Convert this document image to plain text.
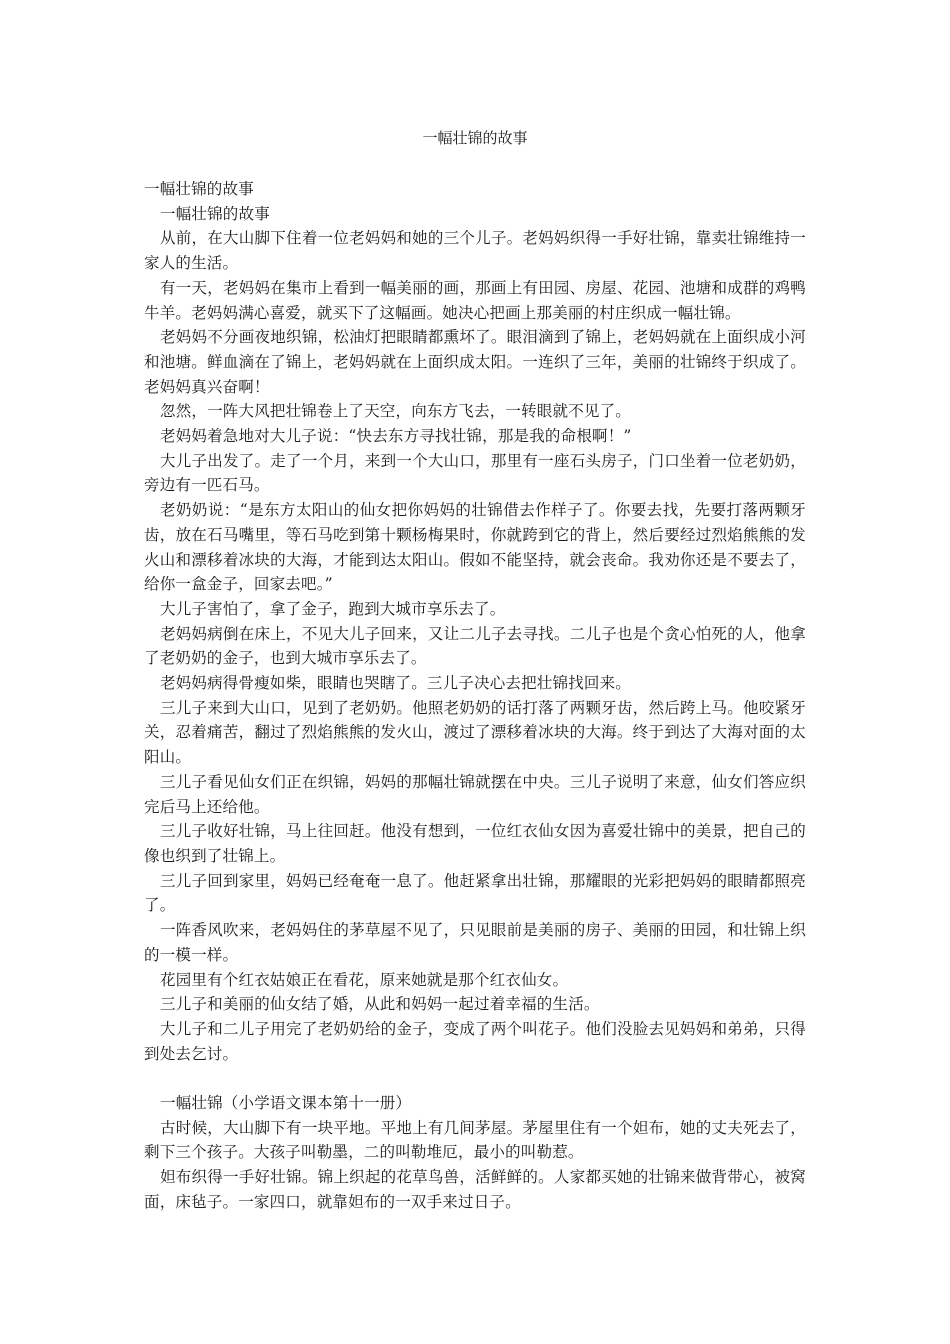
一幅壮锦的故事

一幅壮锦的故事

一幅壮锦的故事

从前，在大山脚下住着一位老妈妈和她的三个儿子。老妈妈织得一手好壮锦，靠卖壮锦维持一家人的生活。

有一天，老妈妈在集市上看到一幅美丽的画，那画上有田园、房屋、花园、池塘和成群的鸡鸭牛羊。老妈妈满心喜爱，就买下了这幅画。她决心把画上那美丽的村庄织成一幅壮锦。

老妈妈不分画夜地织锦，松油灯把眼睛都熏坏了。眼泪滴到了锦上，老妈妈就在上面织成小河和池塘。鲜血滴在了锦上，老妈妈就在上面织成太阳。一连织了三年，美丽的壮锦终于织成了。老妈妈真兴奋啊！

忽然，一阵大风把壮锦卷上了天空，向东方飞去，一转眼就不见了。

老妈妈着急地对大儿子说：“快去东方寻找壮锦，那是我的命根啊！”

大儿子出发了。走了一个月，来到一个大山口，那里有一座石头房子，门口坐着一位老奶奶，旁边有一匹石马。

老奶奶说：“是东方太阳山的仙女把你妈妈的壮锦借去作样子了。你要去找，先要打落两颗牙齿，放在石马嘴里，等石马吃到第十颗杨梅果时，你就跨到它的背上，然后要经过烈焰熊熊的发火山和漂移着冰块的大海，才能到达太阳山。假如不能坚持，就会丧命。我劝你还是不要去了，给你一盒金子，回家去吧。”

大儿子害怕了，拿了金子，跑到大城市享乐去了。

老妈妈病倒在床上，不见大儿子回来，又让二儿子去寻找。二儿子也是个贪心怕死的人，他拿了老奶奶的金子，也到大城市享乐去了。

老妈妈病得骨瘦如柴，眼睛也哭瞎了。三儿子决心去把壮锦找回来。

三儿子来到大山口，见到了老奶奶。他照老奶奶的话打落了两颗牙齿，然后跨上马。他咬紧牙关，忍着痛苦，翻过了烈焰熊熊的发火山，渡过了漂移着冰块的大海。终于到达了大海对面的太阳山。

三儿子看见仙女们正在织锦，妈妈的那幅壮锦就摆在中央。三儿子说明了来意，仙女们答应织完后马上还给他。

三儿子收好壮锦，马上往回赶。他没有想到，一位红衣仙女因为喜爱壮锦中的美景，把自己的像也织到了壮锦上。

三儿子回到家里，妈妈已经奄奄一息了。他赶紧拿出壮锦，那耀眼的光彩把妈妈的眼睛都照亮了。

一阵香风吹来，老妈妈住的茅草屋不见了，只见眼前是美丽的房子、美丽的田园，和壮锦上织的一模一样。

花园里有个红衣姑娘正在看花，原来她就是那个红衣仙女。

三儿子和美丽的仙女结了婚，从此和妈妈一起过着幸福的生活。

大儿子和二儿子用完了老奶奶给的金子，变成了两个叫花子。他们没脸去见妈妈和弟弟，只得到处去乞讨。

一幅壮锦（小学语文课本第十一册）

古时候，大山脚下有一块平地。平地上有几间茅屋。茅屋里住有一个妲布，她的丈夫死去了，剩下三个孩子。大孩子叫勒墨，二的叫勒堆厄，最小的叫勒惹。

妲布织得一手好壮锦。锦上织起的花草鸟兽，活鲜鲜的。人家都买她的壮锦来做背带心，被窝面，床毡子。一家四口，就靠妲布的一双手来过日子。
